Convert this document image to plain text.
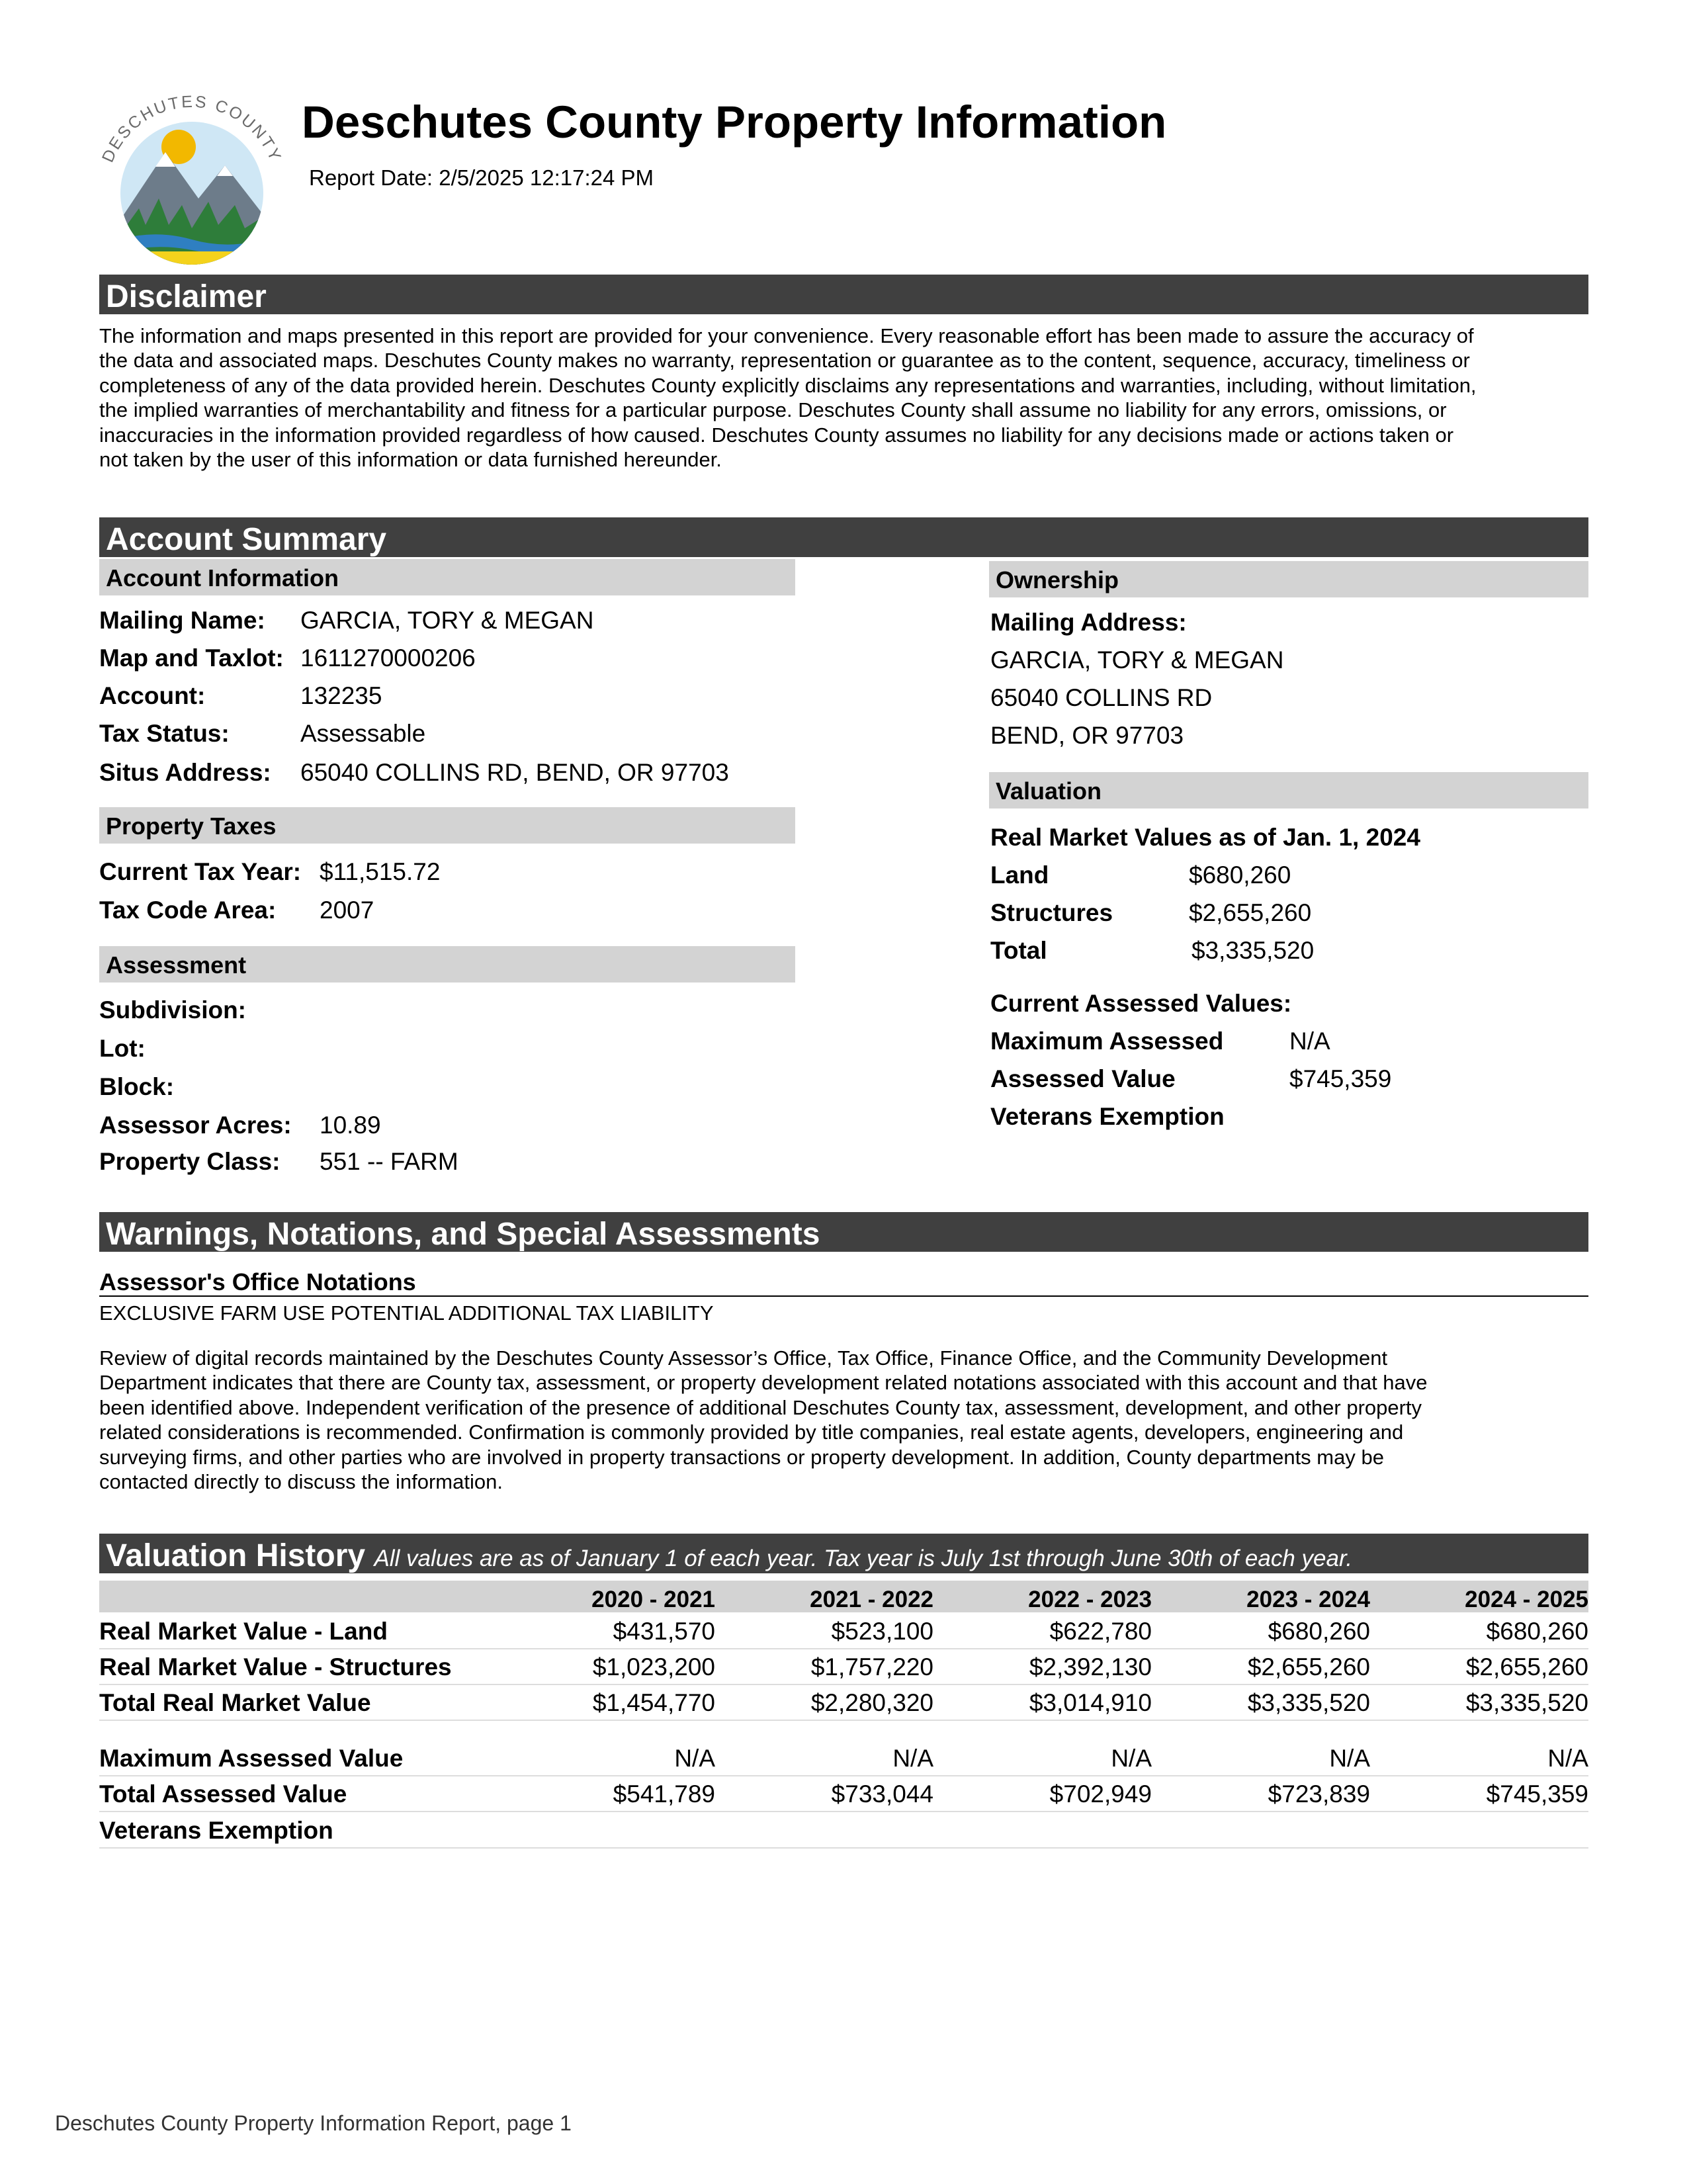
DESCHUTES COUNTY
Deschutes County Property Information
Report Date: 2/5/2025 12:17:24 PM
Disclaimer
The information and maps presented in this report are provided for your convenience. Every reasonable effort has been made to assure the accuracy of
the data and associated maps. Deschutes County makes no warranty, representation or guarantee as to the content, sequence, accuracy, timeliness or
completeness of any of the data provided herein. Deschutes County explicitly disclaims any representations and warranties, including, without limitation,
the implied warranties of merchantability and fitness for a particular purpose. Deschutes County shall assume no liability for any errors, omissions, or
inaccuracies in the information provided regardless of how caused. Deschutes County assumes no liability for any decisions made or actions taken or
not taken by the user of this information or data furnished hereunder.
Account Summary
Account Information
Mailing Name: GARCIA, TORY & MEGAN
Map and Taxlot: 1611270000206
Account:	132235
Tax Status:	Assessable
Situs Address: 65040 COLLINS RD, BEND, OR 97703
Property Taxes
Current Tax Year: $11,515.72
Tax Code Area: 2007
Assessment
Subdivision:
Lot:
Block:
Assessor Acres: 10.89
Property Class: 551 -- FARM
Ownership
Mailing Address:
GARCIA, TORY & MEGAN
65040 COLLINS RD
BEND, OR 97703
Valuation
Real Market Values as of Jan. 1, 2024
Land	$680,260
Structures	$2,655,260
Total	$3,335,520
Current Assessed Values:
Maximum Assessed	N/A
Assessed Value	$745,359
Veterans Exemption
Warnings, Notations, and Special Assessments
Assessor's Office Notations
EXCLUSIVE FARM USE POTENTIAL ADDITIONAL TAX LIABILITY
Review of digital records maintained by the Deschutes County Assessor’s Office, Tax Office, Finance Office, and the Community Development
Department indicates that there are County tax, assessment, or property development related notations associated with this account and that have
been identified above. Independent verification of the presence of additional Deschutes County tax, assessment, development, and other property
related considerations is recommended. Confirmation is commonly provided by title companies, real estate agents, developers, engineering and
surveying firms, and other parties who are involved in property transactions or property development. In addition, County departments may be
contacted directly to discuss the information.
Valuation History All values are as of January 1 of each year. Tax year is July 1st through June 30th of each year.
2020 - 2021	2021 - 2022	2022 - 2023	2023 - 2024	2024 - 2025
Real Market Value - Land	$431,570	$523,100	$622,780	$680,260	$680,260
Real Market Value - Structures	$1,023,200	$1,757,220	$2,392,130	$2,655,260	$2,655,260
Total Real Market Value	$1,454,770	$2,280,320	$3,014,910	$3,335,520	$3,335,520
Maximum Assessed Value	N/A	N/A	N/A	N/A	N/A
Total Assessed Value	$541,789	$733,044	$702,949	$723,839	$745,359
Veterans Exemption
Deschutes County Property Information Report, page 1
